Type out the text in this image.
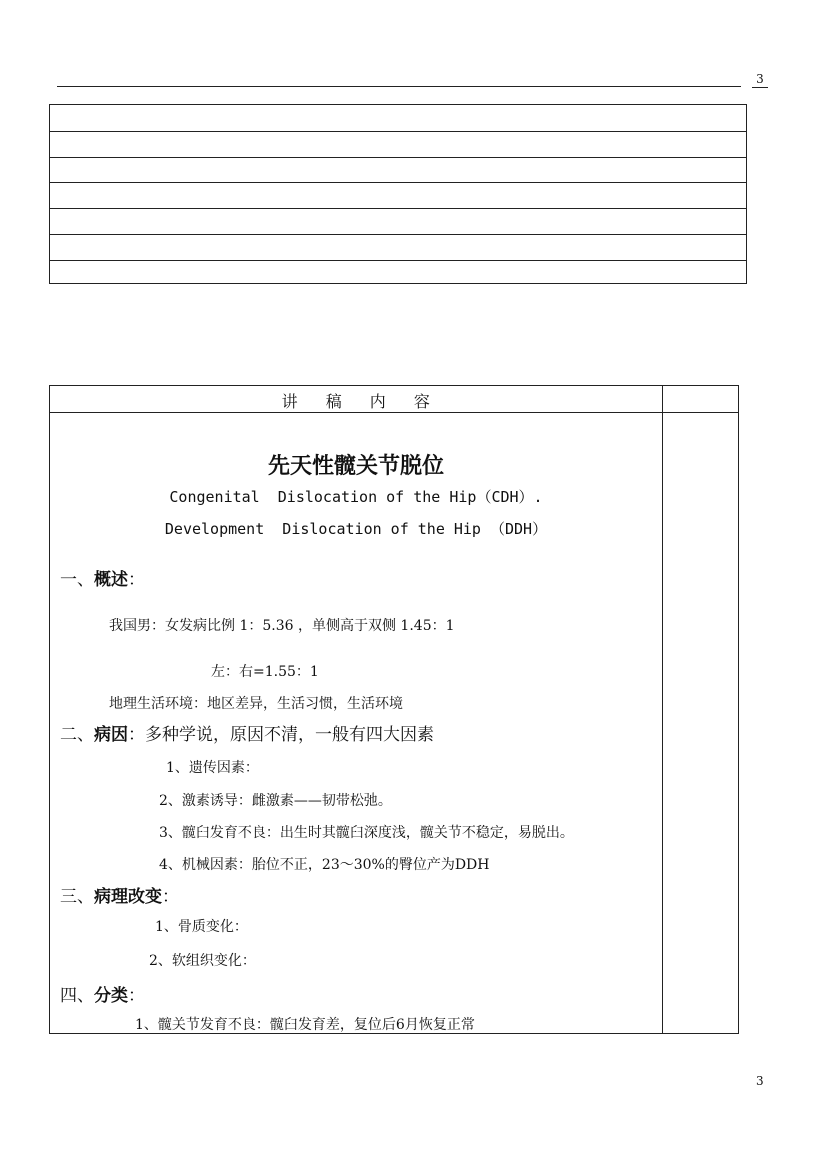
3
讲 稿 内 容
先天性髋关节脱位
Congenital  Dislocation of the Hip（CDH）.
Development  Dislocation of the Hip （DDH）
一、概述：
我国男：女发病比例 1：5.36 ，单侧高于双侧 1.45：1
左：右=1.55：1
地理生活环境：地区差异，生活习惯，生活环境
二、病因：多种学说，原因不清，一般有四大因素
1、遗传因素：
2、激素诱导：雌激素——韧带松弛。
3、髋臼发育不良：出生时其髋臼深度浅，髋关节不稳定，易脱出。
4、机械因素：胎位不正，23～30%的臀位产为DDH
三、病理改变：
1、骨质变化：
2、软组织变化：
四、分类：
1、髋关节发育不良：髋臼发育差，复位后6月恢复正常
3
